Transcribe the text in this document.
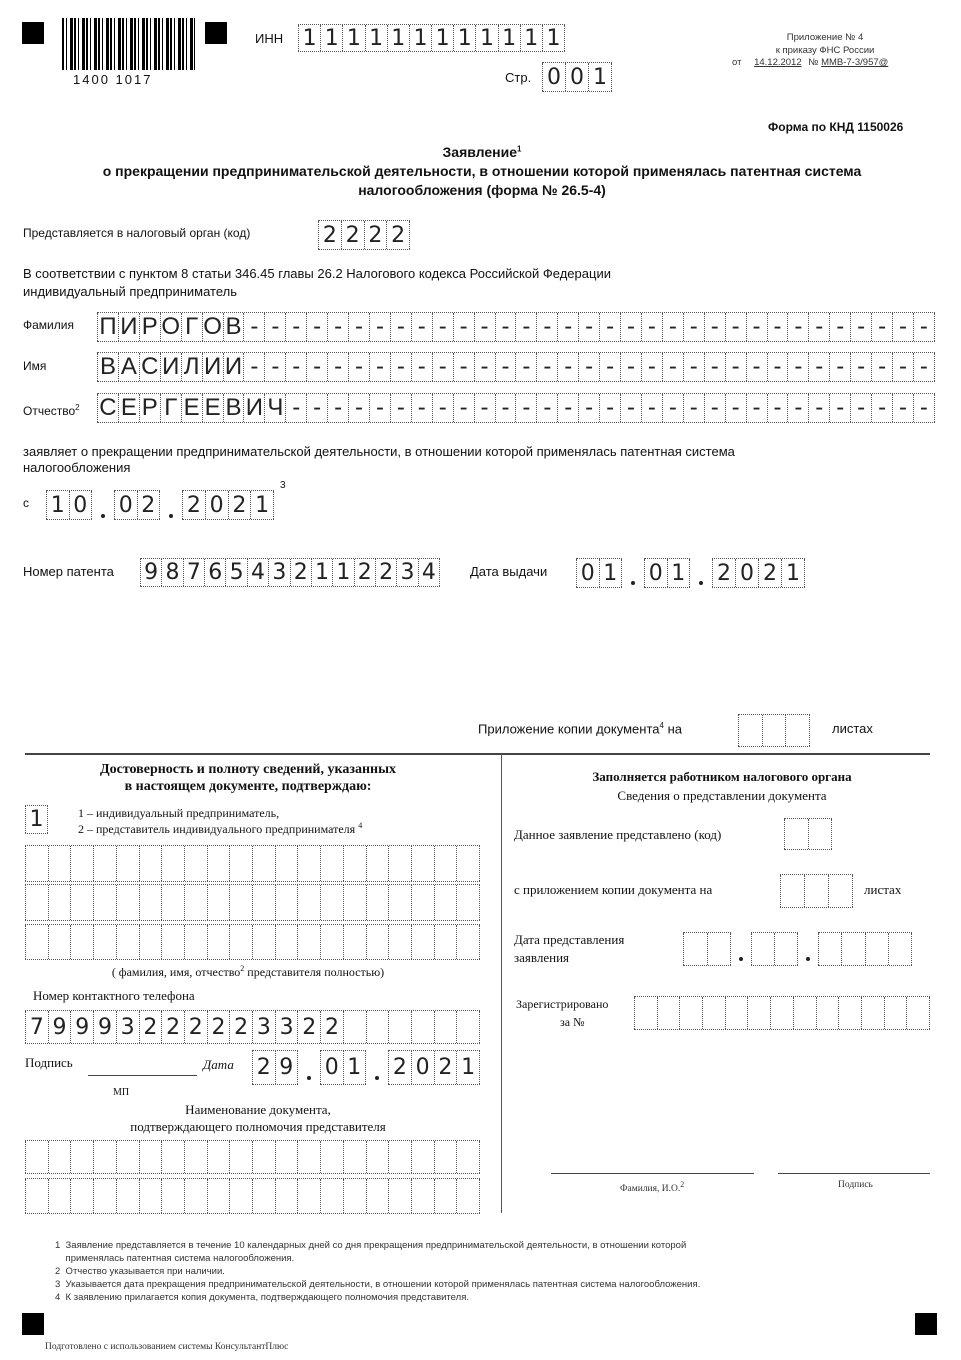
1400 1017
ИНН 1 1 1 1 1 1 1 1 1 1 1 1
Стр. 0 0 1
Приложение № 4
к приказу ФНС России
от 14.12.2012 № ММВ-7-3/957@
Форма по КНД 1150026
Заявление$^1$
о прекращении предпринимательской деятельности, в отношении которой применялась патентная система
налогообложения (форма № 26.5-4)
Представляется в налоговый орган (код)	2 2 2 2
В соответствии с пунктом 8 статьи 346.45 главы 26.2 Налогового кодекса Российской Федерации
индивидуальный предприниматель
Фамилия П И Р О Г О В - - - - - - - - - - - - - - - - - - - - - - - - - - - - - - - - -
Имя В А С И Л И И - - - - - - - - - - - - - - - - - - - - - - - - - - - - - - - - -
Отчество$^2$ С Е Р Г Е Е В И Ч - - - - - - - - - - - - - - - - - - - - - - - - - - - - - - -
заявляет о прекращении предпринимательской деятельности, в отношении которой применялась патентная система
налогообложения
с 1 0 0 2 2 0 2 1
3
Номер патента 9 8 7 6 5 4 3 2 1 1 2 2 3 4	Дата выдачи 0 1 0 1 2 0 2 1
Приложение копии документа$^4$ на	листах
Достоверность и полноту сведений, указанных
в настоящем документе, подтверждаю:
1	1 – индивидуальный предприниматель,
2 – представитель индивидуального предпринимателя $^4$
( фамилия, имя, отчество$^2$ представителя полностью)
Номер контактного телефона
7 9 9 9 3 2 2 2 2 2 3 3 2 2
Подпись	Дата 2 9 0 1 2 0 2 1
МП
Наименование документа,
подтверждающего полномочия представителя
Заполняется работником налогового органа
Сведения о представлении документа
Данное заявление представлено (код)
с приложением копии документа на	листах
Дата представления
заявления
Зарегистрировано
за №
Фамилия, И.О.$^2$	Подпись
1  Заявление представляется в течение 10 календарных дней со дня прекращения предпринимательской деятельности, в отношении которой
применялась патентная система налогообложения.
2  Отчество указывается при наличии.
3  Указывается дата прекращения предпринимательской деятельности, в отношении которой применялась патентная система налогообложения.
4  К заявлению прилагается копия документа, подтверждающего полномочия представителя.
Подготовлено с использованием системы КонсультантПлюс
